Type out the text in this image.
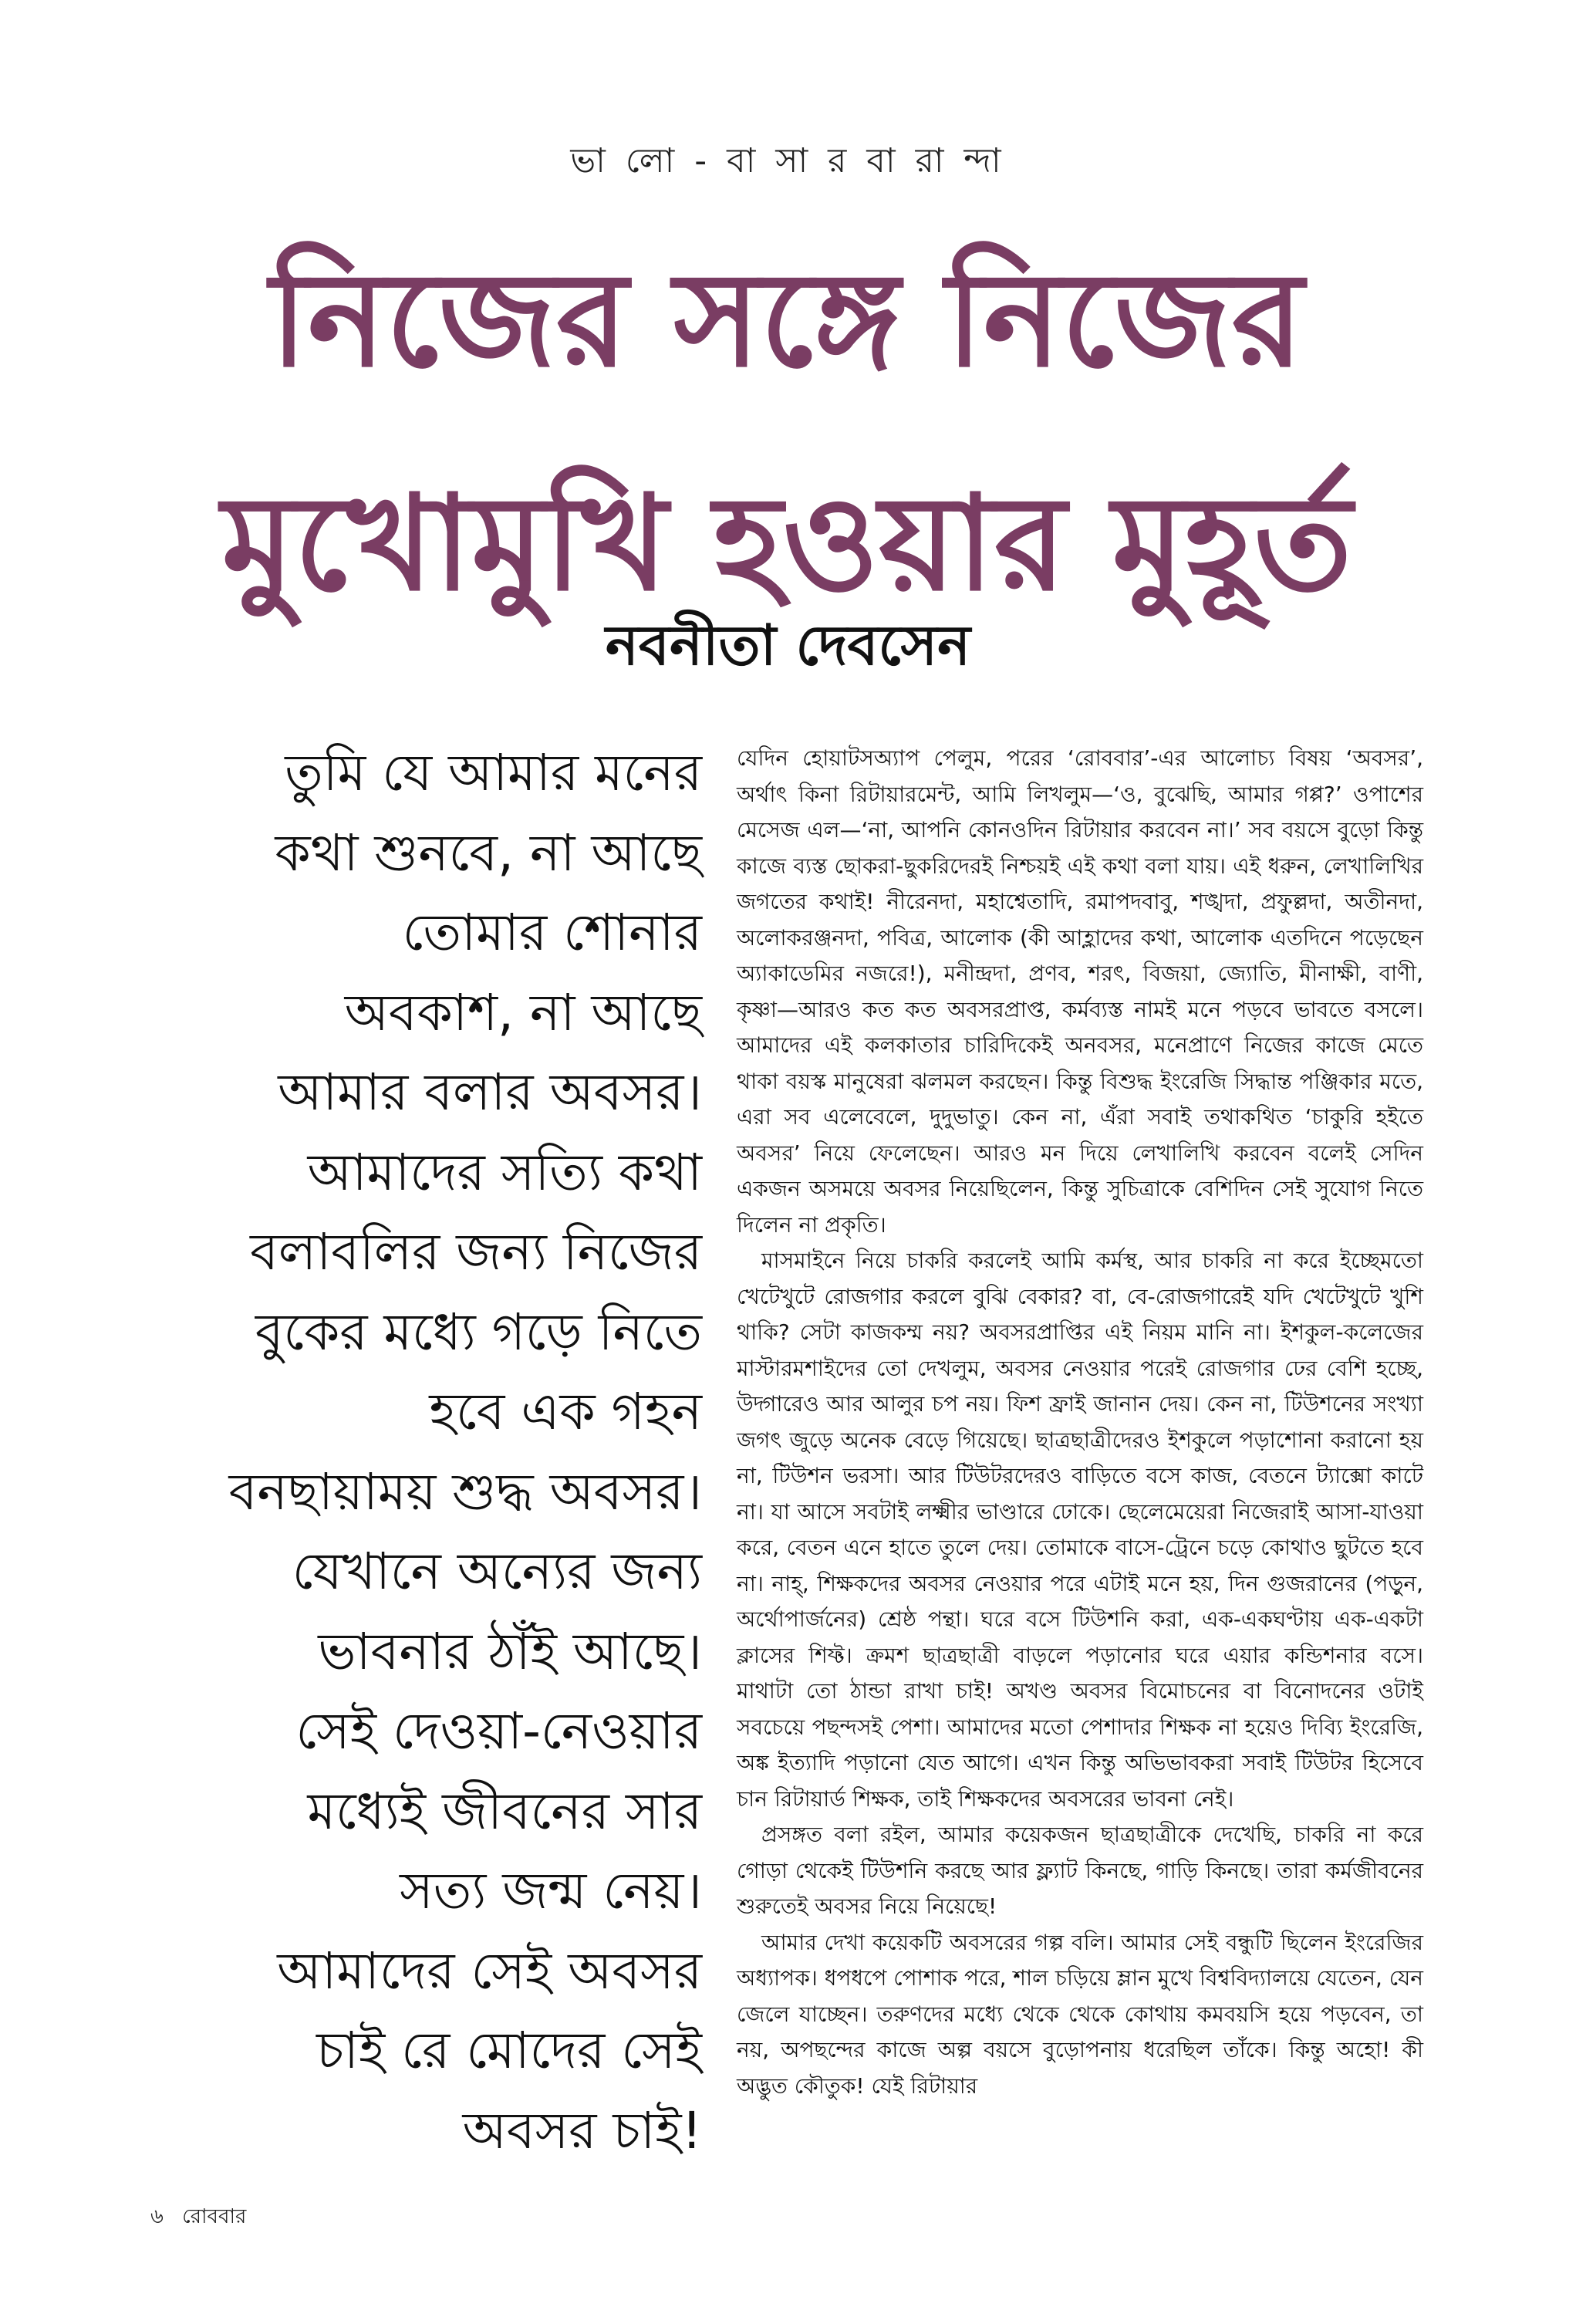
ভা লো - বা সা র বা রা ন্দা
নিজের সঙ্গে নিজের
মুখোমুখি হওয়ার মুহূর্ত
নবনীতা দেবসেন
তুমি যে আমার মনের
কথা শুনবে, না আছে
তোমার শোনার
অবকাশ, না আছে
আমার বলার অবসর।
আমাদের সত্যি কথা
বলাবলির জন্য নিজের
বুকের মধ্যে গড়ে নিতে
হবে এক গহন
বনছায়াময় শুদ্ধ অবসর।
যেখানে অন্যের জন্য
ভাবনার ঠাঁই আছে।
সেই দেওয়া-নেওয়ার
মধ্যেই জীবনের সার
সত্য জন্ম নেয়।
আমাদের সেই অবসর
চাই রে মোদের সেই
অবসর চাই!

যেদিন হোয়াটসঅ্যাপ পেলুম, পরের ‘রোববার’-এর আলোচ্য বিষয় ‘অবসর’, অর্থাৎ কিনা রিটায়ারমেন্ট, আমি লিখলুম—‘ও, বুঝেছি, আমার গপ্প?’ ওপাশের মেসেজ এল—‘না, আপনি কোনওদিন রিটায়ার করবেন না।’ সব বয়সে বুড়ো কিন্তু কাজে ব্যস্ত ছোকরা-ছুকরিদেরই নিশ্চয়ই এই কথা বলা যায়। এই ধরুন, লেখালিখির জগতের কথাই! নীরেনদা, মহাশ্বেতাদি, রমাপদবাবু, শঙ্খদা, প্রফুল্লদা, অতীনদা, অলোকরঞ্জনদা, পবিত্র, আলোক (কী আহ্লাদের কথা, আলোক এতদিনে পড়েছেন অ্যাকাডেমির নজরে!), মনীন্দ্রদা, প্রণব, শরৎ, বিজয়া, জ্যোতি, মীনাক্ষী, বাণী, কৃষ্ণা—আরও কত কত অবসরপ্রাপ্ত, কর্মব্যস্ত নামই মনে পড়বে ভাবতে বসলে। আমাদের এই কলকাতার চারিদিকেই অনবসর, মনেপ্রাণে নিজের কাজে মেতে থাকা বয়স্ক মানুষেরা ঝলমল করছেন। কিন্তু বিশুদ্ধ ইংরেজি সিদ্ধান্ত পঞ্জিকার মতে, এরা সব এলেবেলে, দুদুভাতু। কেন না, এঁরা সবাই তথাকথিত ‘চাকুরি হইতে অবসর’ নিয়ে ফেলেছেন। আরও মন দিয়ে লেখালিখি করবেন বলেই সেদিন একজন অসময়ে অবসর নিয়েছিলেন, কিন্তু সুচিত্রাকে বেশিদিন সেই সুযোগ নিতে দিলেন না প্রকৃতি।

মাসমাইনে নিয়ে চাকরি করলেই আমি কর্মস্থ, আর চাকরি না করে ইচ্ছেমতো খেটেখুটে রোজগার করলে বুঝি বেকার? বা, বে-রোজগারেই যদি খেটেখুটে খুশি থাকি? সেটা কাজকম্ম নয়? অবসরপ্রাপ্তির এই নিয়ম মানি না। ইশকুল-কলেজের মাস্টারমশাইদের তো দেখলুম, অবসর নেওয়ার পরেই রোজগার ঢের বেশি হচ্ছে, উদ্গারেও আর আলুর চপ নয়। ফিশ ফ্রাই জানান দেয়। কেন না, টিউশনের সংখ্যা জগৎ জুড়ে অনেক বেড়ে গিয়েছে। ছাত্রছাত্রীদেরও ইশকুলে পড়াশোনা করানো হয় না, টিউশন ভরসা। আর টিউটরদেরও বাড়িতে বসে কাজ, বেতনে ট্যাক্সো কাটে না। যা আসে সবটাই লক্ষ্মীর ভাণ্ডারে ঢোকে। ছেলেমেয়েরা নিজেরাই আসা-যাওয়া করে, বেতন এনে হাতে তুলে দেয়। তোমাকে বাসে-ট্রেনে চড়ে কোথাও ছুটতে হবে না। নাহ্, শিক্ষকদের অবসর নেওয়ার পরে এটাই মনে হয়, দিন গুজরানের (পড়ুন, অর্থোপার্জনের) শ্রেষ্ঠ পন্থা। ঘরে বসে টিউশনি করা, এক-একঘণ্টায় এক-একটা ক্লাসের শিফ্ট। ক্রমশ ছাত্রছাত্রী বাড়লে পড়ানোর ঘরে এয়ার কন্ডিশনার বসে। মাথাটা তো ঠান্ডা রাখা চাই! অখণ্ড অবসর বিমোচনের বা বিনোদনের ওটাই সবচেয়ে পছন্দসই পেশা। আমাদের মতো পেশাদার শিক্ষক না হয়েও দিব্যি ইংরেজি, অঙ্ক ইত্যাদি পড়ানো যেত আগে। এখন কিন্তু অভিভাবকরা সবাই টিউটর হিসেবে চান রিটায়ার্ড শিক্ষক, তাই শিক্ষকদের অবসরের ভাবনা নেই।

প্রসঙ্গত বলা রইল, আমার কয়েকজন ছাত্রছাত্রীকে দেখেছি, চাকরি না করে গোড়া থেকেই টিউশনি করছে আর ফ্ল্যাট কিনছে, গাড়ি কিনছে। তারা কর্মজীবনের শুরুতেই অবসর নিয়ে নিয়েছে!

আমার দেখা কয়েকটি অবসরের গল্প বলি। আমার সেই বন্ধুটি ছিলেন ইংরেজির অধ্যাপক। ধপধপে পোশাক পরে, শাল চড়িয়ে ম্লান মুখে বিশ্ববিদ্যালয়ে যেতেন, যেন জেলে যাচ্ছেন। তরুণদের মধ্যে থেকে থেকে কোথায় কমবয়সি হয়ে পড়বেন, তা নয়, অপছন্দের কাজে অল্প বয়সে বুড়োপনায় ধরেছিল তাঁকে। কিন্তু অহো! কী অদ্ভুত কৌতুক! যেই রিটায়ার

৬ রোববার
